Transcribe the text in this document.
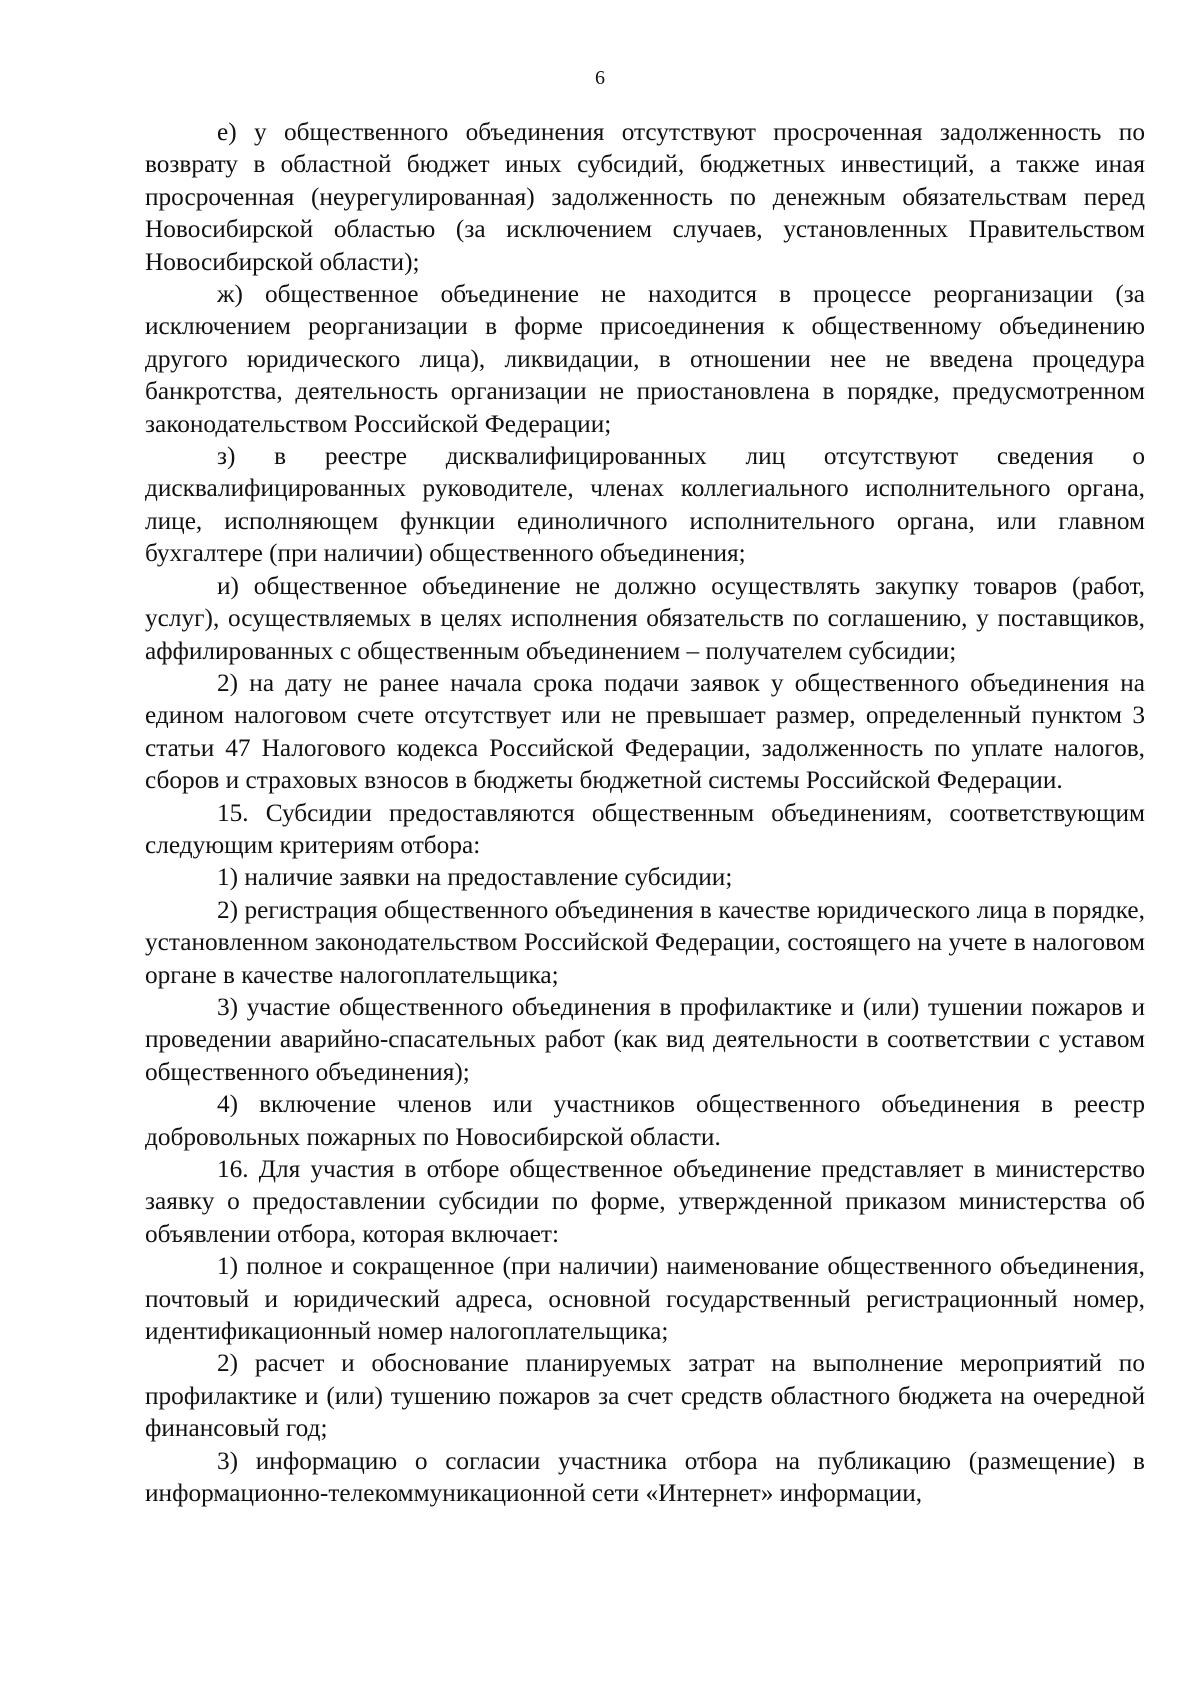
6

е) у общественного объединения отсутствуют просроченная задолженность по возврату в областной бюджет иных субсидий, бюджетных инвестиций, а также иная просроченная (неурегулированная) задолженность по денежным обязательствам перед Новосибирской областью (за исключением случаев, установленных Правительством Новосибирской области);

ж) общественное объединение не находится в процессе реорганизации (за исключением реорганизации в форме присоединения к общественному объединению другого юридического лица), ликвидации, в отношении нее не введена процедура банкротства, деятельность организации не приостановлена в порядке, предусмотренном законодательством Российской Федерации;

з) в реестре дисквалифицированных лиц отсутствуют сведения о дисквалифицированных руководителе, членах коллегиального исполнительного органа, лице, исполняющем функции единоличного исполнительного органа, или главном бухгалтере (при наличии) общественного объединения;

и) общественное объединение не должно осуществлять закупку товаров (работ, услуг), осуществляемых в целях исполнения обязательств по соглашению, у поставщиков, аффилированных с общественным объединением – получателем субсидии;

2) на дату не ранее начала срока подачи заявок у общественного объединения на едином налоговом счете отсутствует или не превышает размер, определенный пунктом 3 статьи 47 Налогового кодекса Российской Федерации, задолженность по уплате налогов, сборов и страховых взносов в бюджеты бюджетной системы Российской Федерации.

15. Субсидии предоставляются общественным объединениям, соответствующим следующим критериям отбора:

1) наличие заявки на предоставление субсидии;

2) регистрация общественного объединения в качестве юридического лица в порядке, установленном законодательством Российской Федерации, состоящего на учете в налоговом органе в качестве налогоплательщика;

3) участие общественного объединения в профилактике и (или) тушении пожаров и проведении аварийно-спасательных работ (как вид деятельности в соответствии с уставом общественного объединения);

4) включение членов или участников общественного объединения в реестр добровольных пожарных по Новосибирской области.

16. Для участия в отборе общественное объединение представляет в министерство заявку о предоставлении субсидии по форме, утвержденной приказом министерства об объявлении отбора, которая включает:

1) полное и сокращенное (при наличии) наименование общественного объединения, почтовый и юридический адреса, основной государственный регистрационный номер, идентификационный номер налогоплательщика;

2) расчет и обоснование планируемых затрат на выполнение мероприятий по профилактике и (или) тушению пожаров за счет средств областного бюджета на очередной финансовый год;

3) информацию о согласии участника отбора на публикацию (размещение) в информационно-телекоммуникационной сети «Интернет» информации,
